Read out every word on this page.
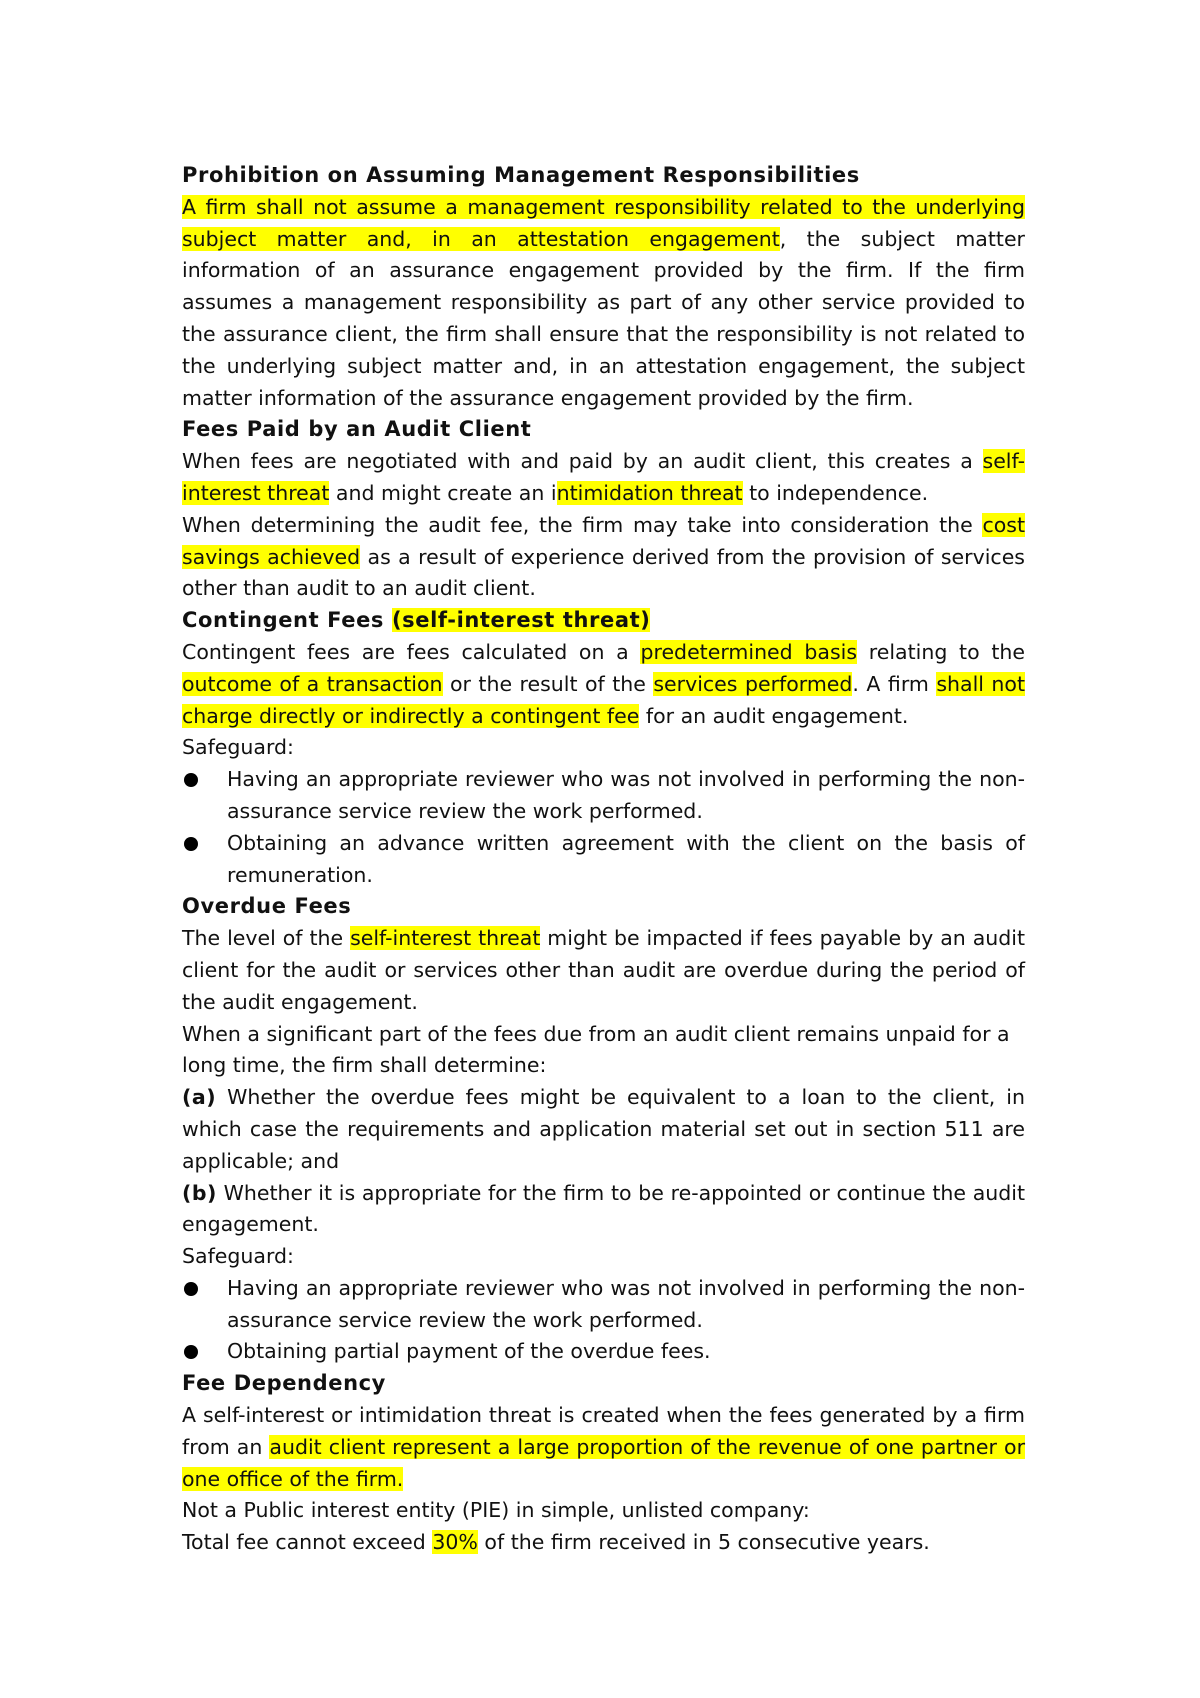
Prohibition on Assuming Management Responsibilities

A firm shall not assume a management responsibility related to the underlying subject matter and, in an attestation engagement, the subject matter information of an assurance engagement provided by the firm. If the firm assumes a management responsibility as part of any other service provided to the assurance client, the firm shall ensure that the responsibility is not related to the underlying subject matter and, in an attestation engagement, the subject matter information of the assurance engagement provided by the firm.

Fees Paid by an Audit Client

When fees are negotiated with and paid by an audit client, this creates a self-interest threat and might create an intimidation threat to independence.

When determining the audit fee, the firm may take into consideration the cost savings achieved as a result of experience derived from the provision of services other than audit to an audit client.

Contingent Fees (self-interest threat)

Contingent fees are fees calculated on a predetermined basis relating to the outcome of a transaction or the result of the services performed. A firm shall not charge directly or indirectly a contingent fee for an audit engagement.

Safeguard:

Having an appropriate reviewer who was not involved in performing the non-assurance service review the work performed.
Obtaining an advance written agreement with the client on the basis of remuneration.
Overdue Fees

The level of the self-interest threat might be impacted if fees payable by an audit client for the audit or services other than audit are overdue during the period of the audit engagement.

When a significant part of the fees due from an audit client remains unpaid for a
long time, the firm shall determine:

(a) Whether the overdue fees might be equivalent to a loan to the client, in which case the requirements and application material set out in section 511 are applicable; and

(b) Whether it is appropriate for the firm to be re-appointed or continue the audit engagement.

Safeguard:

Having an appropriate reviewer who was not involved in performing the non-assurance service review the work performed.
Obtaining partial payment of the overdue fees.
Fee Dependency

A self-interest or intimidation threat is created when the fees generated by a firm from an audit client represent a large proportion of the revenue of one partner or one office of the firm.

Not a Public interest entity (PIE) in simple, unlisted company:

Total fee cannot exceed 30% of the firm received in 5 consecutive years.
